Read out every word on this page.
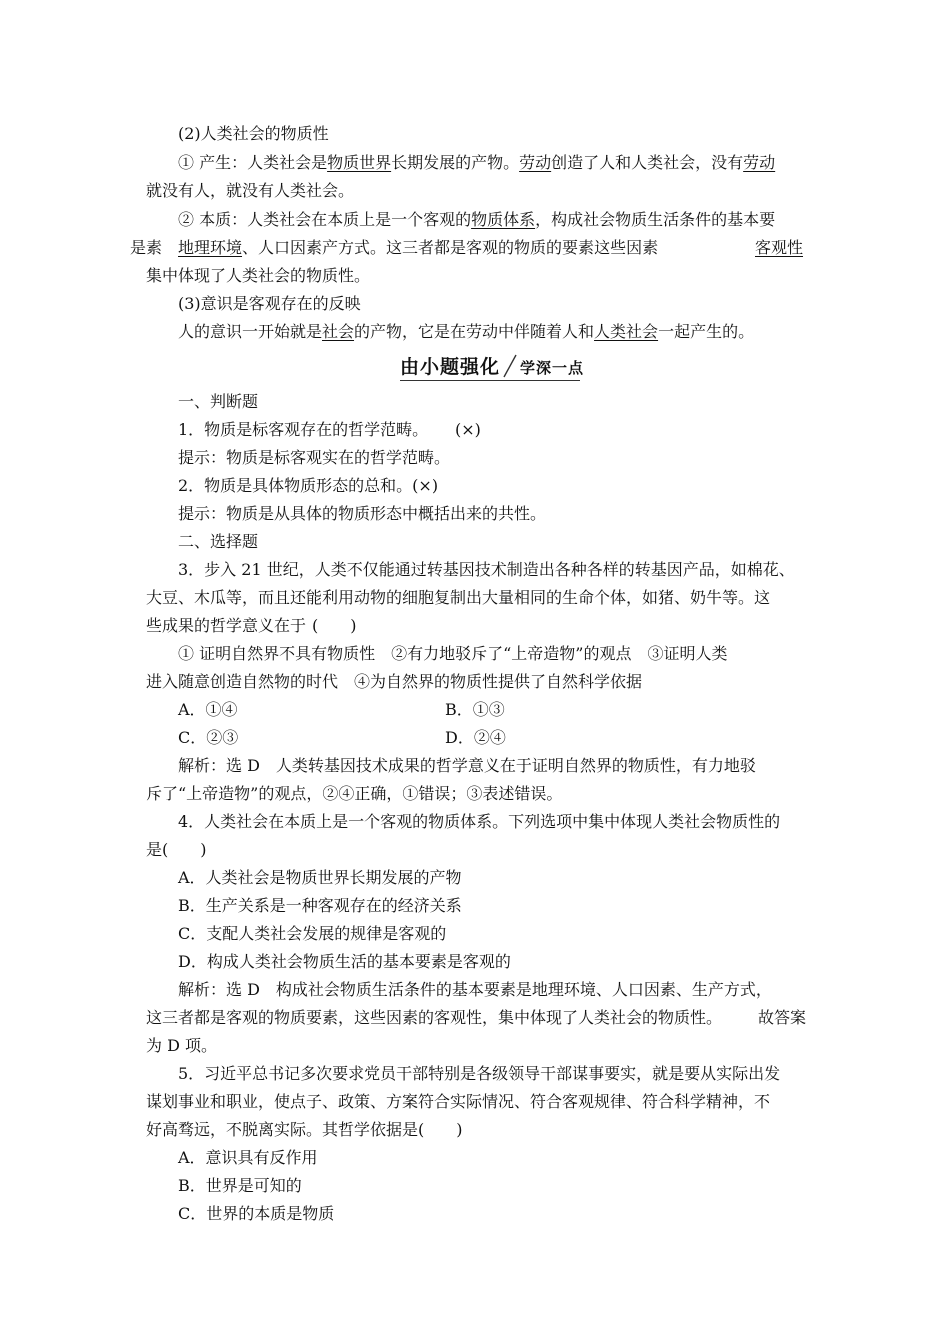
(2)人类社会的物质性
① 产生：人类社会是物质世界长期发展的产物。劳动创造了人和人类社会，没有劳动
就没有人，就没有人类社会。
② 本质：人类社会在本质上是一个客观的物质体系，构成社会物质生活条件的基本要
是素 地理环境、人口因素产方式。这三者都是客观的物质的要素这些因素	客观性
集中体现了人类社会的物质性。
(3)意识是客观存在的反映
人的意识一开始就是社会的产物，它是在劳动中伴随着人和人类社会一起产生的。
由小题强化 学深一点
一、判断题
1．物质是标客观存在的哲学范畴。 (×)
提示：物质是标客观实在的哲学范畴。
2．物质是具体物质形态的总和。(×)
提示：物质是从具体的物质形态中概括出来的共性。
二、选择题
3．步入 21 世纪，人类不仅能通过转基因技术制造出各种各样的转基因产品，如棉花、
大豆、木瓜等，而且还能利用动物的细胞复制出大量相同的生命个体，如猪、奶牛等。这
些成果的哲学意义在于 (　　)
① 证明自然界不具有物质性　②有力地驳斥了“上帝造物”的观点　③证明人类
进入随意创造自然物的时代　④为自然界的物质性提供了自然科学依据
A．①④	B．①③
C．②③	D．②④
解析：选 D　人类转基因技术成果的哲学意义在于证明自然界的物质性，有力地驳
斥了“上帝造物”的观点，②④正确，①错误；③表述错误。
4．人类社会在本质上是一个客观的物质体系。下列选项中集中体现人类社会物质性的
是(　　)
A．人类社会是物质世界长期发展的产物
B．生产关系是一种客观存在的经济关系
C．支配人类社会发展的规律是客观的
D．构成人类社会物质生活的基本要素是客观的
解析：选 D　构成社会物质生活条件的基本要素是地理环境、人口因素、生产方式，
这三者都是客观的物质要素，这些因素的客观性，集中体现了人类社会的物质性。 故答案
为 D 项。
5．习近平总书记多次要求党员干部特别是各级领导干部谋事要实，就是要从实际出发
谋划事业和职业，使点子、政策、方案符合实际情况、符合客观规律、符合科学精神，不
好高骛远，不脱离实际。其哲学依据是(　　)
A．意识具有反作用
B．世界是可知的
C．世界的本质是物质
